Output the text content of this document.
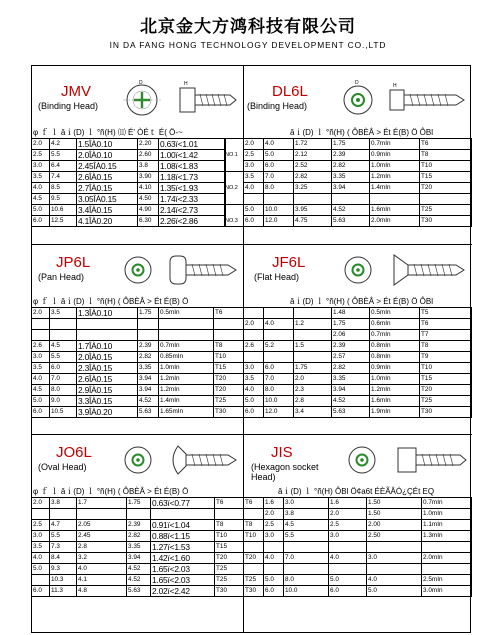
北京金大方鸿科技有限公司
IN DA FANG HONG TECHNOLOGY DEVELOPMENT CO.,LTD
JMV
(Binding Head)
D	H
φ ｆ ｌ ǎｉ(D) ｌ °ñ(H) ⑾ É' ÒÉｔ É( Ö-~
2.0	4.2	1.5ÎÀ0.10	2.20	0.63ï<1.01
2.5	5.5	2.0ÎÀ0.10	2.60	1.00ï<1.42
3.0	6.4	2.45ÎÀ0.15	3.8	1.08ï<1.83
3.5	7.4	2.6ÎÀ0.15	3.90	1.18ï<1.73
4.0	8.5	2.7ÎÀ0.15	4.10	1.35ï<1.93
4.5	9.5	3.05ÎÀ0.15	4.50	1.74ï<2.33
5.0	10.6	3.4ÎÀ0.15	4.90	2.14ï<2.73
6.0	12.5	4.1ÎÀ0.20	6.30	2.26ï<2.86
NO.1

NO.2

NO.3

DL6L
(Binding Head)
D	H
ǎｉ(D) ｌ °ñ(H) ( ÔBÈÂ > Ét É(B) Ö ÔBl
2.0	4.0	1.72	1.75	0.7mIn	T6
2.5	5.0	2.12	2.39	0.9mIn	T8
3.0	6.0	2.52	2.82	1.0mIn	T10
3.5	7.0	2.82	3.35	1.2mIn	T15
4.0	8.0	3.25	3.94	1.4mIn	T20

5.0	10.0	3.95	4.52	1.6mIn	T25
6.0	12.0	4.75	5.63	2.0mIn	T30
JP6L
(Pan Head)
φ ｆ ｌ ǎｉ(D) ｌ °ñ(H) ( ÔBÈÂ > Ét É(B) Ö
2.0	3.5	1.3ÎÀ0.10	1.75	0.5mIn	T6

2.6	4.5	1.7ÎÀ0.10	2.39	0.7mIn	T8
3.0	5.5	2.0ÎÀ0.15	2.82	0.85mIn	T10
3.5	6.0	2.3ÎÀ0.15	3.35	1.0mIn	T15
4.0	7.0	2.6ÎÀ0.15	3.94	1.2mIn	T20
4.5	8.0	2.9ÎÀ0.15	3.94	1.2mIn	T20
5.0	9.0	3.3ÎÀ0.15	4.52	1.4mIn	T25
6.0	10.5	3.9ÎÀ0.20	5.63	1.65mIn	T30
JF6L
(Flat Head)
ǎｉ(D) ｌ °ñ(H) ( ÔBÈÂ > Ét É(B) Ö ÔBl
			1.48	0.5mIn	T5
2.0	4.0	1.2	1.75	0.6mIn	T6
			2.06	0.7mIn	T7
2.6	5.2	1.5	2.39	0.8mIn	T8
			2.57	0.8mIn	T9
3.0	6.0	1.75	2.82	0.9mIn	T10
3.5	7.0	2.0	3.35	1.0mIn	T15
4.0	8.0	2.3	3.94	1.2mIn	T20
5.0	10.0	2.8	4.52	1.6mIn	T25
6.0	12.0	3.4	5.63	1.9mIn	T30
JO6L
(Oval Head)
φ ｆ ｌ ǎｉ(D) ｌ °ñ(H) ( ÔBÈÂ > Ét É(B) Ö
2.0	3.8	1.7	1.75	0.63ï<0.77	T6

2.5	4.7	2.05	2.39	0.91ï<1.04	T8
3.0	5.5	2.45	2.82	0.88ï<1.15	T10
3.5	7.3	2.8	3.35	1.27ï<1.53	T15
4.0	8.4	3.2	3.94	1.42ï<1.60	T20
5.0	9.3	4.0	4.52	1.65ï<2.03	T25
	10.3	4.1	4.52	1.65ï<2.03	T25
6.0	11.3	4.8	5.63	2.02ï<2.42	T30
JIS
(Hexagon socket Head)
ǎｉ(D) ｌ °ñ(H) ÔBl Ö¢a6t ÉÈÃÂÓ¿ÇÉt EQ
T6	1.6	3.0	1.6	1.50	0.7mIn
	2.0	3.8	2.0	1.50	1.0mIn
T8	2.5	4.5	2.5	2.00	1.1mIn
T10	3.0	5.5	3.0	2.50	1.3mIn

T20	4.0	7.0	4.0	3.0	2.0mIn

T25	5.0	8.0	5.0	4.0	2.5mIn
T30	6.0	10.0	6.0	5.0	3.0mIn
